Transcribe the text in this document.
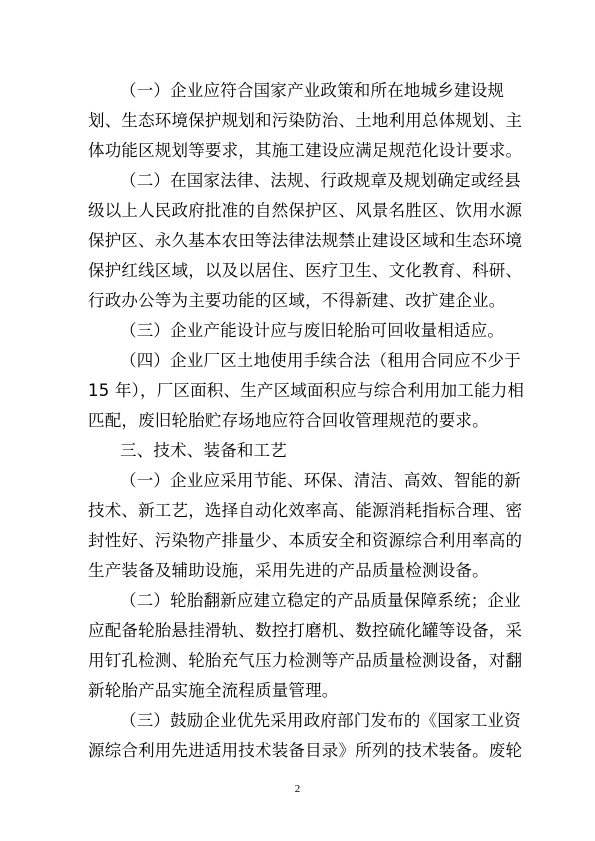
（一）企业应符合国家产业政策和所在地城乡建设规
划、生态环境保护规划和污染防治、土地利用总体规划、主
体功能区规划等要求，其施工建设应满足规范化设计要求。
（二）在国家法律、法规、行政规章及规划确定或经县
级以上人民政府批准的自然保护区、风景名胜区、饮用水源
保护区、永久基本农田等法律法规禁止建设区域和生态环境
保护红线区域，以及以居住、医疗卫生、文化教育、科研、
行政办公等为主要功能的区域，不得新建、改扩建企业。
（三）企业产能设计应与废旧轮胎可回收量相适应。
（四）企业厂区土地使用手续合法（租用合同应不少于
15 年），厂区面积、生产区域面积应与综合利用加工能力相
匹配，废旧轮胎贮存场地应符合回收管理规范的要求。
三、技术、装备和工艺
（一）企业应采用节能、环保、清洁、高效、智能的新
技术、新工艺，选择自动化效率高、能源消耗指标合理、密
封性好、污染物产排量少、本质安全和资源综合利用率高的
生产装备及辅助设施，采用先进的产品质量检测设备。
（二）轮胎翻新应建立稳定的产品质量保障系统；企业
应配备轮胎悬挂滑轨、数控打磨机、数控硫化罐等设备，采
用钉孔检测、轮胎充气压力检测等产品质量检测设备，对翻
新轮胎产品实施全流程质量管理。
（三）鼓励企业优先采用政府部门发布的《国家工业资
源综合利用先进适用技术装备目录》所列的技术装备。废轮
2
